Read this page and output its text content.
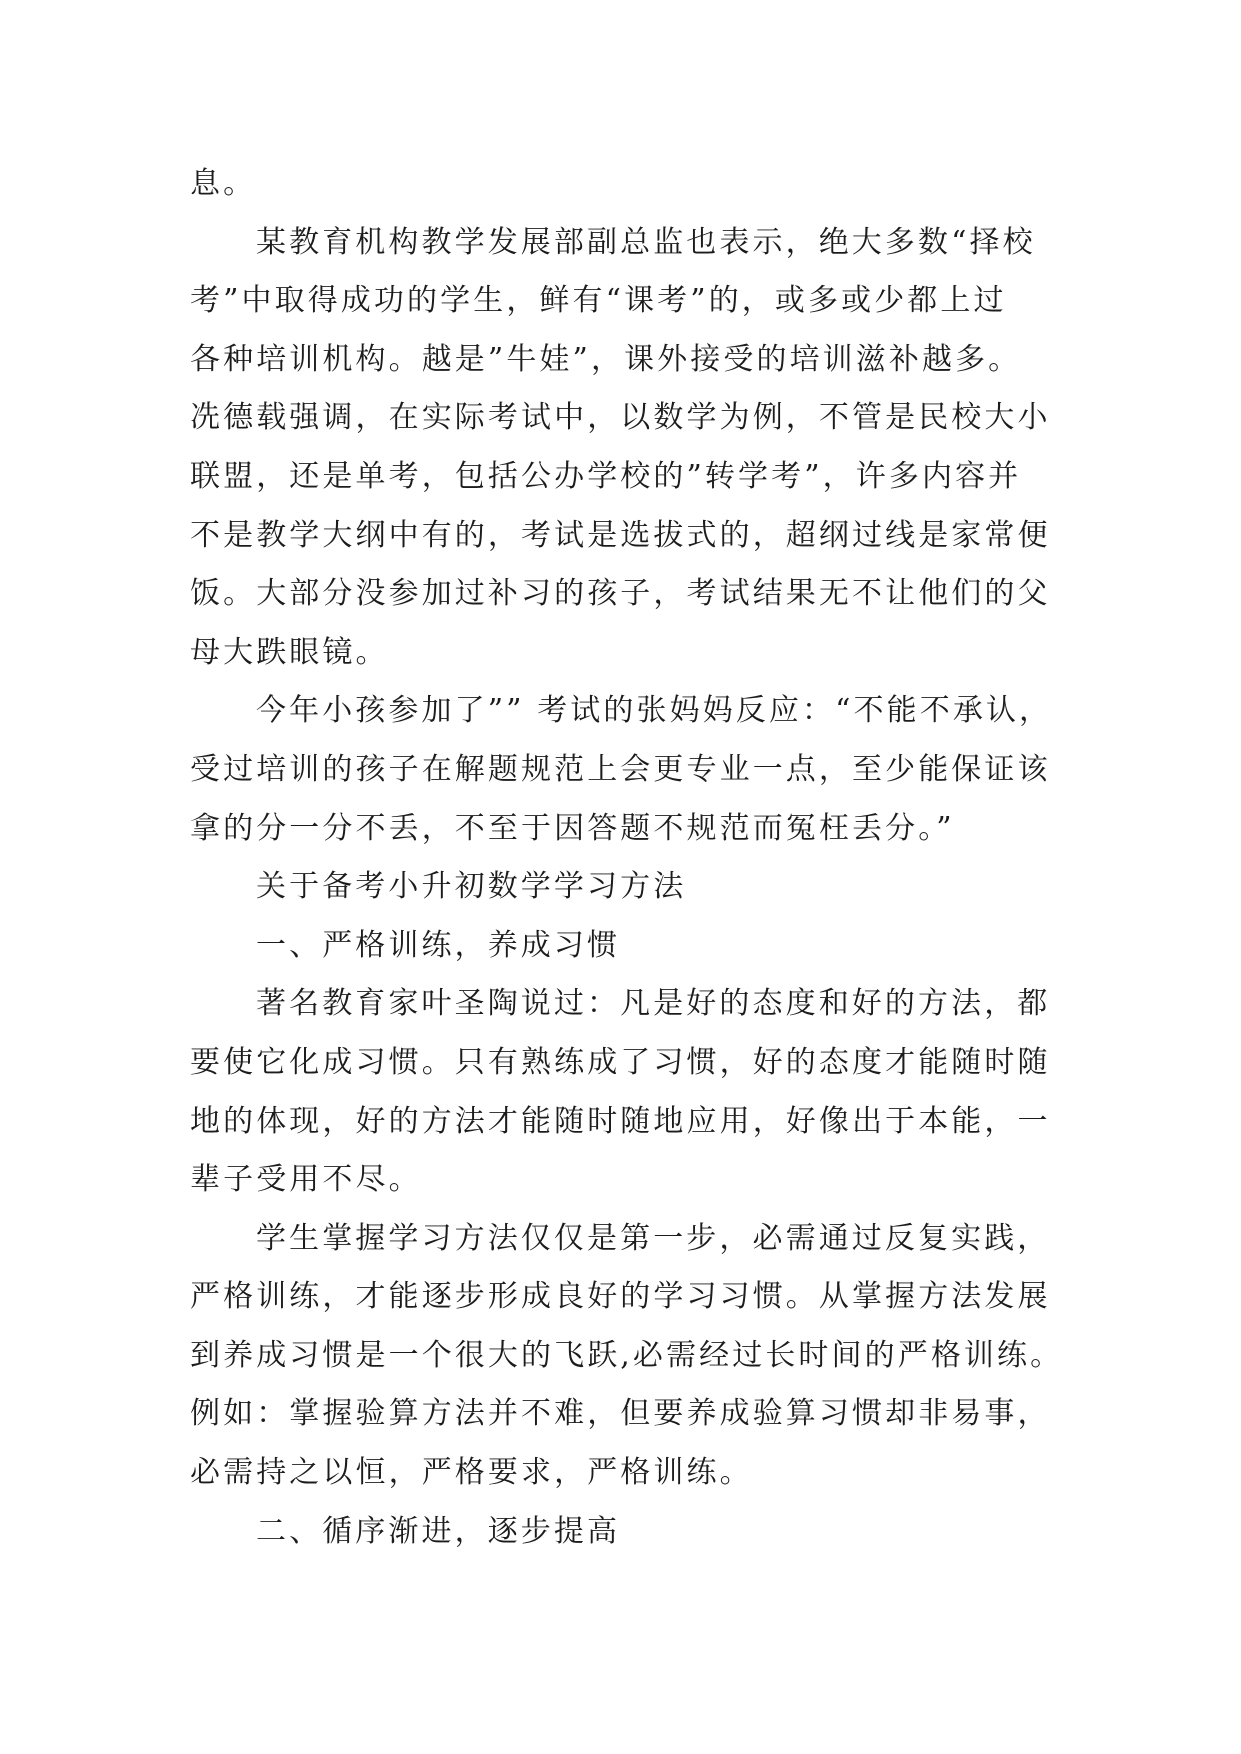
息。
某教育机构教学发展部副总监也表示，绝大多数“择校
考”中取得成功的学生，鲜有“课考”的，或多或少都上过
各种培训机构。越是”牛娃”，课外接受的培训滋补越多。
冼德载强调，在实际考试中，以数学为例，不管是民校大小
联盟，还是单考，包括公办学校的”转学考”，许多内容并
不是教学大纲中有的，考试是选拔式的，超纲过线是家常便
饭。大部分没参加过补习的孩子，考试结果无不让他们的父
母大跌眼镜。
今年小孩参加了”” 考试的张妈妈反应：“不能不承认，
受过培训的孩子在解题规范上会更专业一点，至少能保证该
拿的分一分不丢，不至于因答题不规范而冤枉丢分。”
关于备考小升初数学学习方法
一、严格训练，养成习惯
著名教育家叶圣陶说过：凡是好的态度和好的方法，都
要使它化成习惯。只有熟练成了习惯，好的态度才能随时随
地的体现，好的方法才能随时随地应用，好像出于本能，一
辈子受用不尽。
学生掌握学习方法仅仅是第一步，必需通过反复实践，
严格训练，才能逐步形成良好的学习习惯。从掌握方法发展
到养成习惯是一个很大的飞跃,必需经过长时间的严格训练。
例如：掌握验算方法并不难，但要养成验算习惯却非易事，
必需持之以恒，严格要求，严格训练。
二、循序渐进，逐步提高
